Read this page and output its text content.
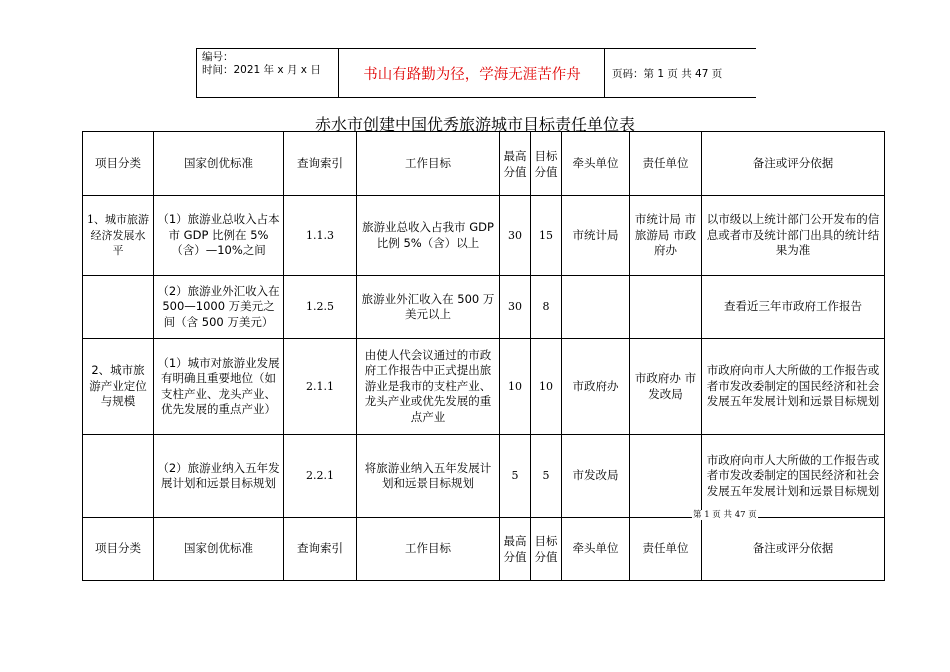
编号：
时间：2021 年 x 月 x 日	书山有路勤为径，学海无涯苦作舟	页码：第 1 页 共 47 页
赤水市创建中国优秀旅游城市目标责任单位表
项目分类	国家创优标准	查询索引	工作目标	最高分值	目标分值	牵头单位	责任单位	备注或评分依据
1、城市旅游经济发展水平	（1）旅游业总收入占本市 GDP 比例在 5%（含）—10%之间	1.1.3	旅游业总收入占我市 GDP 比例 5%（含）以上	30	15	市统计局	市统计局 市旅游局 市政府办	以市级以上统计部门公开发布的信息或者市及统计部门出具的统计结果为准
	（2）旅游业外汇收入在 500—1000 万美元之间（含 500 万美元）	1.2.5	旅游业外汇收入在 500 万美元以上	30	8			查看近三年市政府工作报告
2、城市旅游产业定位与规模	（1）城市对旅游业发展有明确且重要地位（如支柱产业、龙头产业、优先发展的重点产业）	2.1.1	由使人代会议通过的市政府工作报告中正式提出旅游业是我市的支柱产业、龙头产业或优先发展的重点产业	10	10	市政府办	市政府办 市发改局	市政府向市人大所做的工作报告或者市发改委制定的国民经济和社会发展五年发展计划和远景目标规划
	（2）旅游业纳入五年发展计划和远景目标规划	2.2.1	将旅游业纳入五年发展计划和远景目标规划	5	5	市发改局		市政府向市人大所做的工作报告或者市发改委制定的国民经济和社会发展五年发展计划和远景目标规划
项目分类	国家创优标准	查询索引	工作目标	最高分值	目标分值	牵头单位	责任单位	备注或评分依据
第 1 页 共 47 页
